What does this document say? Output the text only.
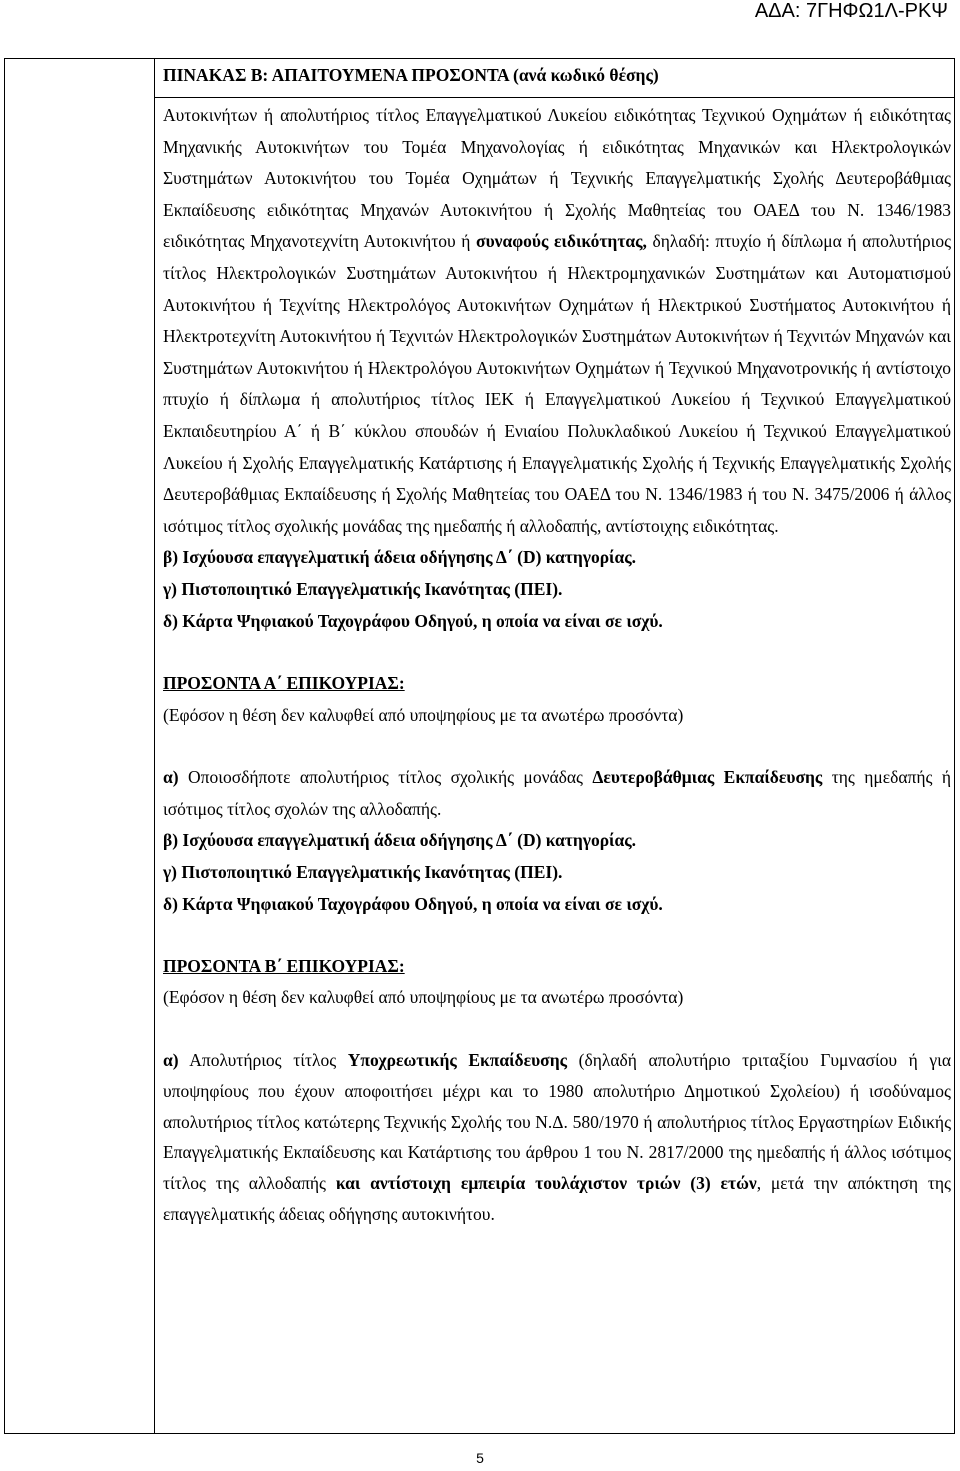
ΑΔΑ: 7ΓΗΦΩ1Λ-ΡΚΨ

ΠΙΝΑΚΑΣ Β: ΑΠΑΙΤΟΥΜΕΝΑ ΠΡΟΣΟΝΤΑ (ανά κωδικό θέσης)

Αυτοκινήτων ή απολυτήριος τίτλος Επαγγελματικού Λυκείου ειδικότητας Τεχνικού Οχημάτων ή ειδικότητας Μηχανικής Αυτοκινήτων του Τομέα Μηχανολογίας ή ειδικότητας Μηχανικών και Ηλεκτρολογικών Συστημάτων Αυτοκινήτου του Τομέα Οχημάτων ή Τεχνικής Επαγγελματικής Σχολής Δευτεροβάθμιας Εκπαίδευσης ειδικότητας Μηχανών Αυτοκινήτου ή Σχολής Μαθητείας του ΟΑΕΔ του Ν. 1346/1983 ειδικότητας Μηχανοτεχνίτη Αυτοκινήτου ή συναφούς ειδικότητας, δηλαδή: πτυχίο ή δίπλωμα ή απολυτήριος τίτλος Ηλεκτρολογικών Συστημάτων Αυτοκινήτου ή Ηλεκτρομηχανικών Συστημάτων και Αυτοματισμού Αυτοκινήτου ή Τεχνίτης Ηλεκτρολόγος Αυτοκινήτων Οχημάτων ή Ηλεκτρικού Συστήματος Αυτοκινήτου ή Ηλεκτροτεχνίτη Αυτοκινήτου ή Τεχνιτών Ηλεκτρολογικών Συστημάτων Αυτοκινήτων ή Τεχνιτών Μηχανών και Συστημάτων Αυτοκινήτου ή Ηλεκτρολόγου Αυτοκινήτων Οχημάτων ή Τεχνικού Μηχανοτρονικής ή αντίστοιχο πτυχίο ή δίπλωμα ή απολυτήριος τίτλος ΙΕΚ ή Επαγγελματικού Λυκείου ή Τεχνικού Επαγγελματικού Εκπαιδευτηρίου Α΄ ή Β΄ κύκλου σπουδών ή Ενιαίου Πολυκλαδικού Λυκείου ή Τεχνικού Επαγγελματικού Λυκείου ή Σχολής Επαγγελματικής Κατάρτισης ή Επαγγελματικής Σχολής ή Τεχνικής Επαγγελματικής Σχολής Δευτεροβάθμιας Εκπαίδευσης ή Σχολής Μαθητείας του ΟΑΕΔ του Ν. 1346/1983 ή του Ν. 3475/2006 ή άλλος ισότιμος τίτλος σχολικής μονάδας της ημεδαπής ή αλλοδαπής, αντίστοιχης ειδικότητας.

β) Ισχύουσα επαγγελματική άδεια οδήγησης Δ΄ (D) κατηγορίας.

γ) Πιστοποιητικό Επαγγελματικής Ικανότητας (ΠΕΙ).

δ) Κάρτα Ψηφιακού Ταχογράφου Οδηγού, η οποία να είναι σε ισχύ.

ΠΡΟΣΟΝΤΑ Α΄ ΕΠΙΚΟΥΡΙΑΣ:

(Εφόσον η θέση δεν καλυφθεί από υποψηφίους με τα ανωτέρω προσόντα)

α) Οποιοσδήποτε απολυτήριος τίτλος σχολικής μονάδας Δευτεροβάθμιας Εκπαίδευσης της ημεδαπής ή ισότιμος τίτλος σχολών της αλλοδαπής.

β) Ισχύουσα επαγγελματική άδεια οδήγησης Δ΄ (D) κατηγορίας.

γ) Πιστοποιητικό Επαγγελματικής Ικανότητας (ΠΕΙ).

δ) Κάρτα Ψηφιακού Ταχογράφου Οδηγού, η οποία να είναι σε ισχύ.

ΠΡΟΣΟΝΤΑ Β΄ ΕΠΙΚΟΥΡΙΑΣ:

(Εφόσον η θέση δεν καλυφθεί από υποψηφίους με τα ανωτέρω προσόντα)

α) Απολυτήριος τίτλος Υποχρεωτικής Εκπαίδευσης (δηλαδή απολυτήριο τριταξίου Γυμνασίου ή για υποψηφίους που έχουν αποφοιτήσει μέχρι και το 1980 απολυτήριο Δημοτικού Σχολείου) ή ισοδύναμος απολυτήριος τίτλος κατώτερης Τεχνικής Σχολής του Ν.Δ. 580/1970 ή απολυτήριος τίτλος Εργαστηρίων Ειδικής Επαγγελματικής Εκπαίδευσης και Κατάρτισης του άρθρου 1 του Ν. 2817/2000 της ημεδαπής ή άλλος ισότιμος τίτλος της αλλοδαπής και αντίστοιχη εμπειρία τουλάχιστον τριών (3) ετών, μετά την απόκτηση της επαγγελματικής άδειας οδήγησης αυτοκινήτου.

5
